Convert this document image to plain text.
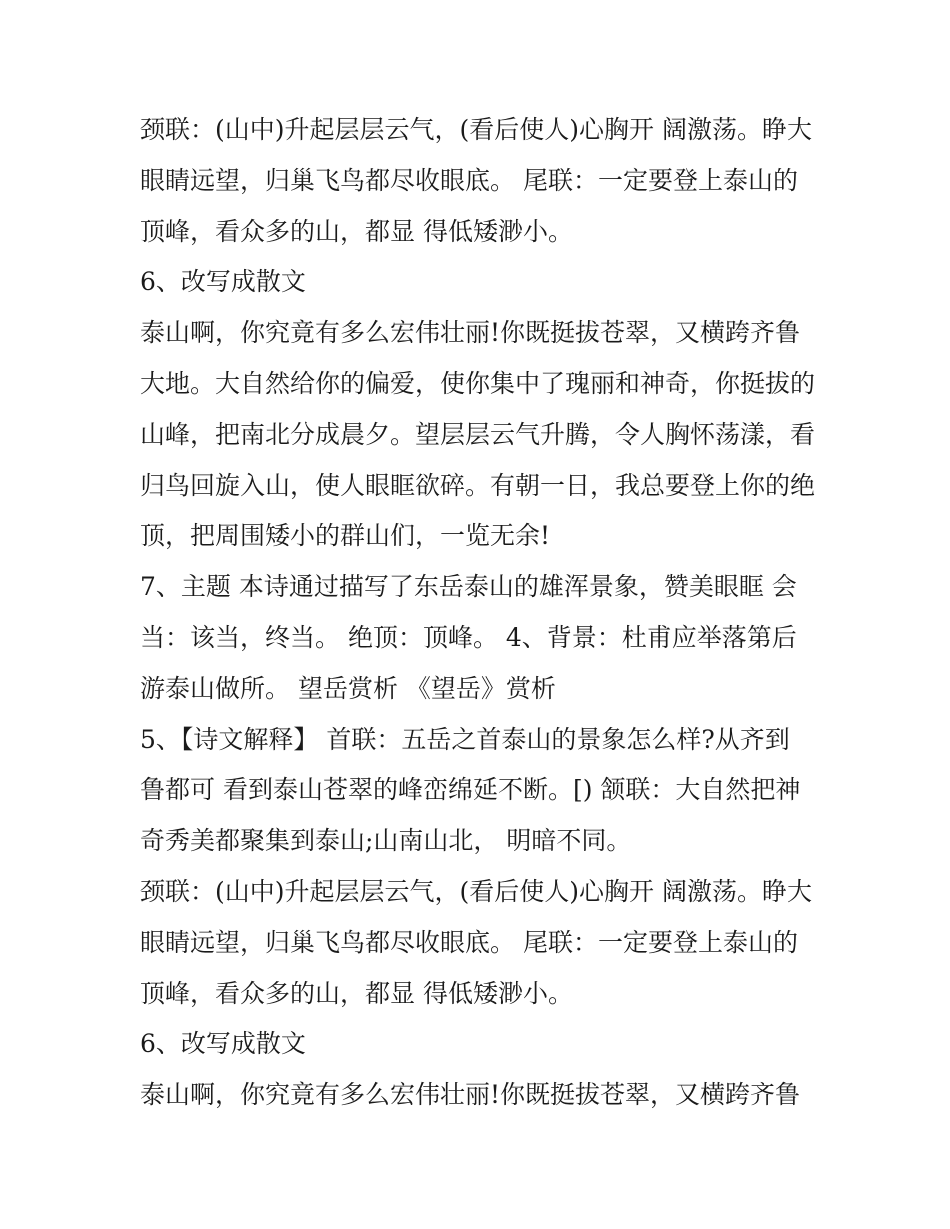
颈联：(山中)升起层层云气，(看后使人)心胸开 阔激荡。睁大
眼睛远望，归巢飞鸟都尽收眼底。 尾联：一定要登上泰山的
顶峰，看众多的山，都显 得低矮渺小。
6、改写成散文
泰山啊，你究竟有多么宏伟壮丽!你既挺拔苍翠，又横跨齐鲁
大地。大自然给你的偏爱，使你集中了瑰丽和神奇，你挺拔的
山峰，把南北分成晨夕。望层层云气升腾，令人胸怀荡漾，看
归鸟回旋入山，使人眼眶欲碎。有朝一日，我总要登上你的绝
顶，把周围矮小的群山们，一览无余!
7、主题 本诗通过描写了东岳泰山的雄浑景象，赞美眼眶 会
当：该当，终当。 绝顶：顶峰。 4、背景：杜甫应举落第后
游泰山做所。 望岳赏析 《望岳》赏析
5、【诗文解释】 首联：五岳之首泰山的景象怎么样?从齐到
鲁都可 看到泰山苍翠的峰峦绵延不断。[) 颔联：大自然把神
奇秀美都聚集到泰山;山南山北， 明暗不同。
颈联：(山中)升起层层云气，(看后使人)心胸开 阔激荡。睁大
眼睛远望，归巢飞鸟都尽收眼底。 尾联：一定要登上泰山的
顶峰，看众多的山，都显 得低矮渺小。
6、改写成散文
泰山啊，你究竟有多么宏伟壮丽!你既挺拔苍翠，又横跨齐鲁
